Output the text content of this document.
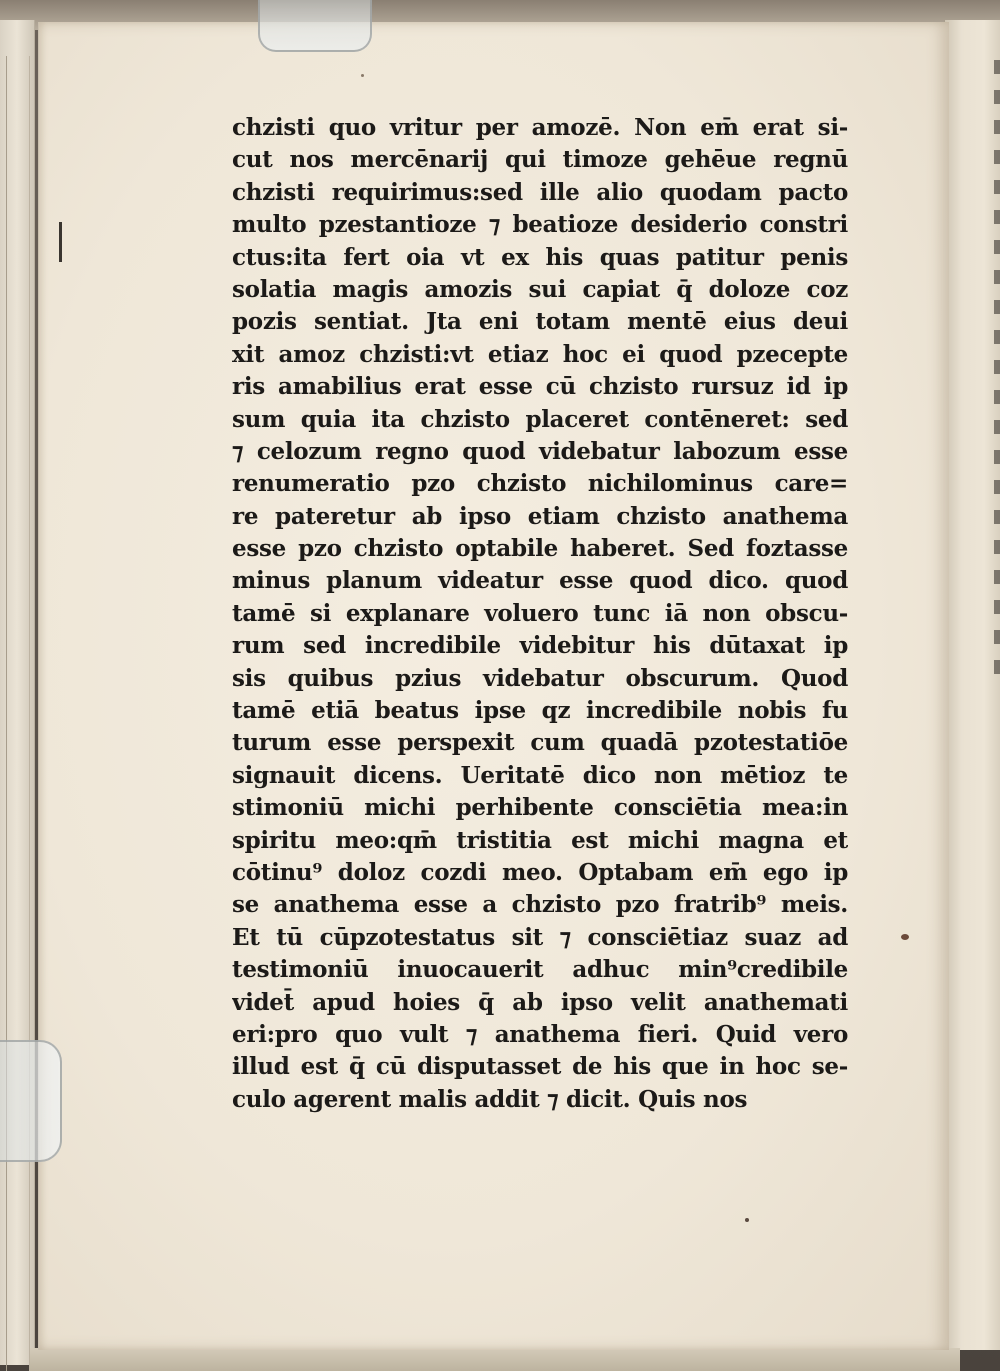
chzisti quo vritur per amozē. Non em̄ erat si-
cut nos mercēnarij qui timoze gehēue regnū
chzisti requirimus:sed ille alio quodam pacto
multo pzestantioze ⁊ beatioze desiderio constri
ctus:ita fert oia vt ex his quas patitur penis
solatia magis amozis sui capiat q̄ doloze coz
pozis sentiat. Jta eni totam mentē eius deui
xit amoz chzisti:vt etiaz hoc ei quod pzecepte
ris amabilius erat esse cū chzisto rursuz id ip
sum quia ita chzisto placeret contēneret: sed
⁊ celozum regno quod videbatur labozum esse
renumeratio pzo chzisto nichilominus care=
re pateretur ab ipso etiam chzisto anathema
esse pzo chzisto optabile haberet. Sed foztasse
minus planum videatur esse quod dico. quod
tamē si explanare voluero tunc iā non obscu-
rum sed incredibile videbitur his dūtaxat ip
sis quibus pzius videbatur obscurum. Quod
tamē etiā beatus ipse qz incredibile nobis fu
turum esse perspexit cum quadā pzotestatiōe
signauit dicens. Ueritatē dico non mētioz te
stimoniū michi perhibente consciētia mea:in
spiritu meo:qm̄ tristitia est michi magna et
cōtinu⁹ doloz cozdi meo. Optabam em̄ ego ip
se anathema esse a chzisto pzo fratrib⁹ meis.
Et tū cūpzotestatus sit ⁊ consciētiaz suaz ad
testimoniū inuocauerit adhuc min⁹credibile
videt̄ apud hoies q̄ ab ipso velit anathemati
eri:pro quo vult ⁊ anathema fieri. Quid vero
illud est q̄ cū disputasset de his que in hoc se-
culo agerent malis addit ⁊ dicit. Quis nos
